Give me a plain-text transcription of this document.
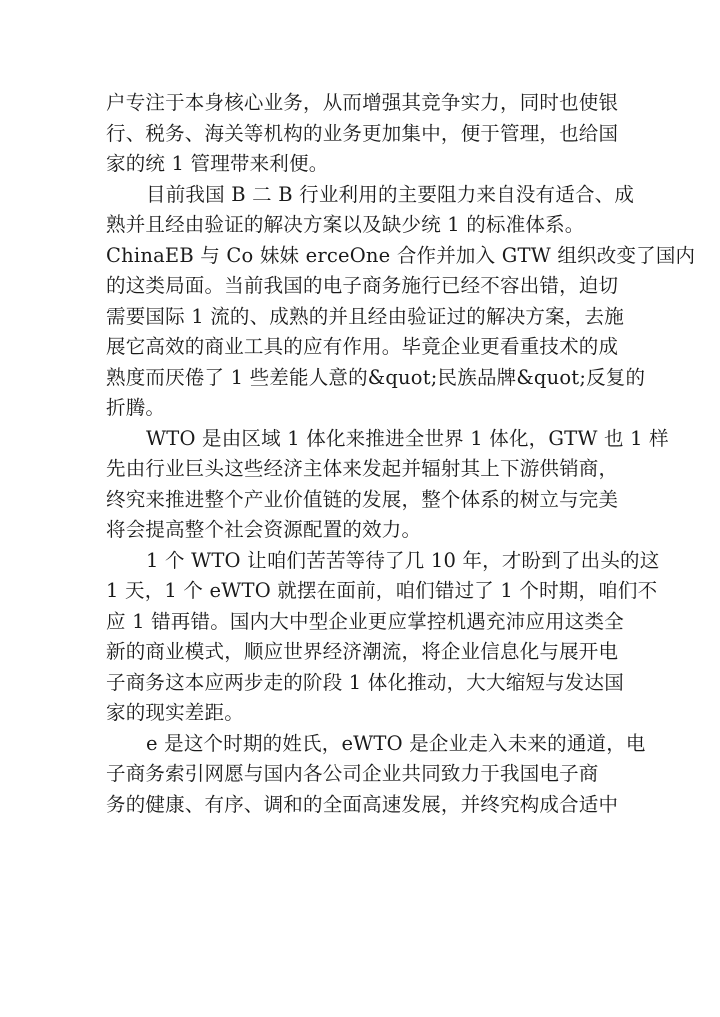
户专注于本身核心业务，从而增强其竞争实力，同时也使银
行、税务、海关等机构的业务更加集中，便于管理，也给国
家的统 1 管理带来利便。

目前我国 B 二 B 行业利用的主要阻力来自没有适合、成
熟并且经由验证的解决方案以及缺少统 1 的标准体系。
ChinaEB 与 Co 妹妹 erceOne 合作并加入 GTW 组织改变了国内
的这类局面。当前我国的电子商务施行已经不容出错，迫切
需要国际 1 流的、成熟的并且经由验证过的解决方案，去施
展它高效的商业工具的应有作用。毕竟企业更看重技术的成
熟度而厌倦了 1 些差能人意的&quot;民族品牌&quot;反复的
折腾。

WTO 是由区域 1 体化来推进全世界 1 体化，GTW 也 1 样
先由行业巨头这些经济主体来发起并辐射其上下游供销商，
终究来推进整个产业价值链的发展，整个体系的树立与完美
将会提高整个社会资源配置的效力。

1 个 WTO 让咱们苦苦等待了几 10 年，才盼到了出头的这
1 天，1 个 eWTO 就摆在面前，咱们错过了 1 个时期，咱们不
应 1 错再错。国内大中型企业更应掌控机遇充沛应用这类全
新的商业模式，顺应世界经济潮流，将企业信息化与展开电
子商务这本应两步走的阶段 1 体化推动，大大缩短与发达国
家的现实差距。

e 是这个时期的姓氏，eWTO 是企业走入未来的通道，电
子商务索引网愿与国内各公司企业共同致力于我国电子商
务的健康、有序、调和的全面高速发展，并终究构成合适中
